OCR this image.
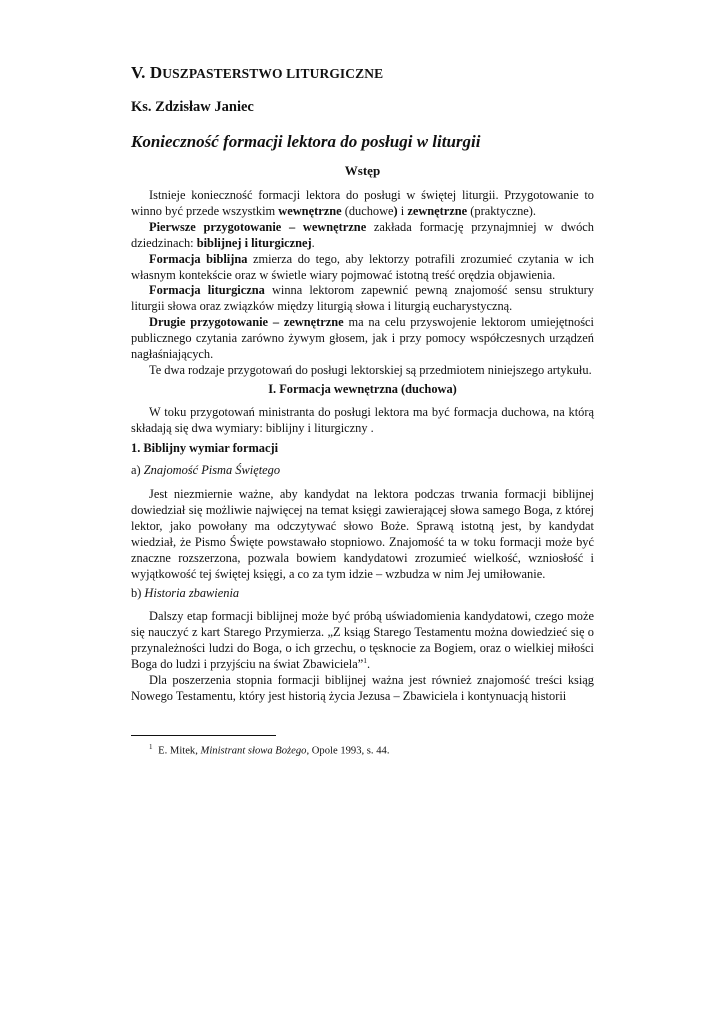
V. DUSZPASTERSTWO LITURGICZNE
Ks. Zdzisław Janiec
Konieczność formacji lektora do posługi w liturgii
Wstęp

Istnieje konieczność formacji lektora do posługi w świętej liturgii. Przygotowanie to winno być przede wszystkim wewnętrzne (duchowe) i zewnętrzne (praktyczne).

Pierwsze przygotowanie – wewnętrzne zakłada formację przynajmniej w dwóch dziedzinach: biblijnej i liturgicznej.

Formacja biblijna zmierza do tego, aby lektorzy potrafili zrozumieć czytania w ich własnym kontekście oraz w świetle wiary pojmować istotną treść orędzia objawienia.

Formacja liturgiczna winna lektorom zapewnić pewną znajomość sensu struktury liturgii słowa oraz związków między liturgią słowa i liturgią eucharystyczną.

Drugie przygotowanie – zewnętrzne ma na celu przyswojenie lektorom umiejętności publicznego czytania zarówno żywym głosem, jak i przy pomocy współczesnych urządzeń nagłaśniających.

Te dwa rodzaje przygotowań do posługi lektorskiej są przedmiotem niniejszego artykułu.

I. Formacja wewnętrzna (duchowa)

W toku przygotowań ministranta do posługi lektora ma być formacja duchowa, na którą składają się dwa wymiary: biblijny i liturgiczny .

1. Biblijny wymiar formacji
a) Znajomość Pisma Świętego

Jest niezmiernie ważne, aby kandydat na lektora podczas trwania formacji biblijnej dowiedział się możliwie najwięcej na temat księgi zawierającej słowa samego Boga, z której lektor, jako powołany ma odczytywać słowo Boże. Sprawą istotną jest, by kandydat wiedział, że Pismo Święte powstawało stopniowo. Znajomość ta w toku formacji może być znaczne rozszerzona, pozwala bowiem kandydatowi zrozumieć wielkość, wzniosłość i wyjątkowość tej świętej księgi, a co za tym idzie – wzbudza w nim Jej umiłowanie.

b) Historia zbawienia

Dalszy etap formacji biblijnej może być próbą uświadomienia kandydatowi, czego może się nauczyć z kart Starego Przymierza. „Z ksiąg Starego Testamentu można dowiedzieć się o przynależności ludzi do Boga, o ich grzechu, o tęsknocie za Bogiem, oraz o wielkiej miłości Boga do ludzi i przyjściu na świat Zbawiciela”$^1$.

Dla poszerzenia stopnia formacji biblijnej ważna jest również znajomość treści ksiąg Nowego Testamentu, który jest historią życia Jezusa – Zbawiciela i kontynuacją historii

$^1$ E. Mitek, Ministrant słowa Bożego, Opole 1993, s. 44.
